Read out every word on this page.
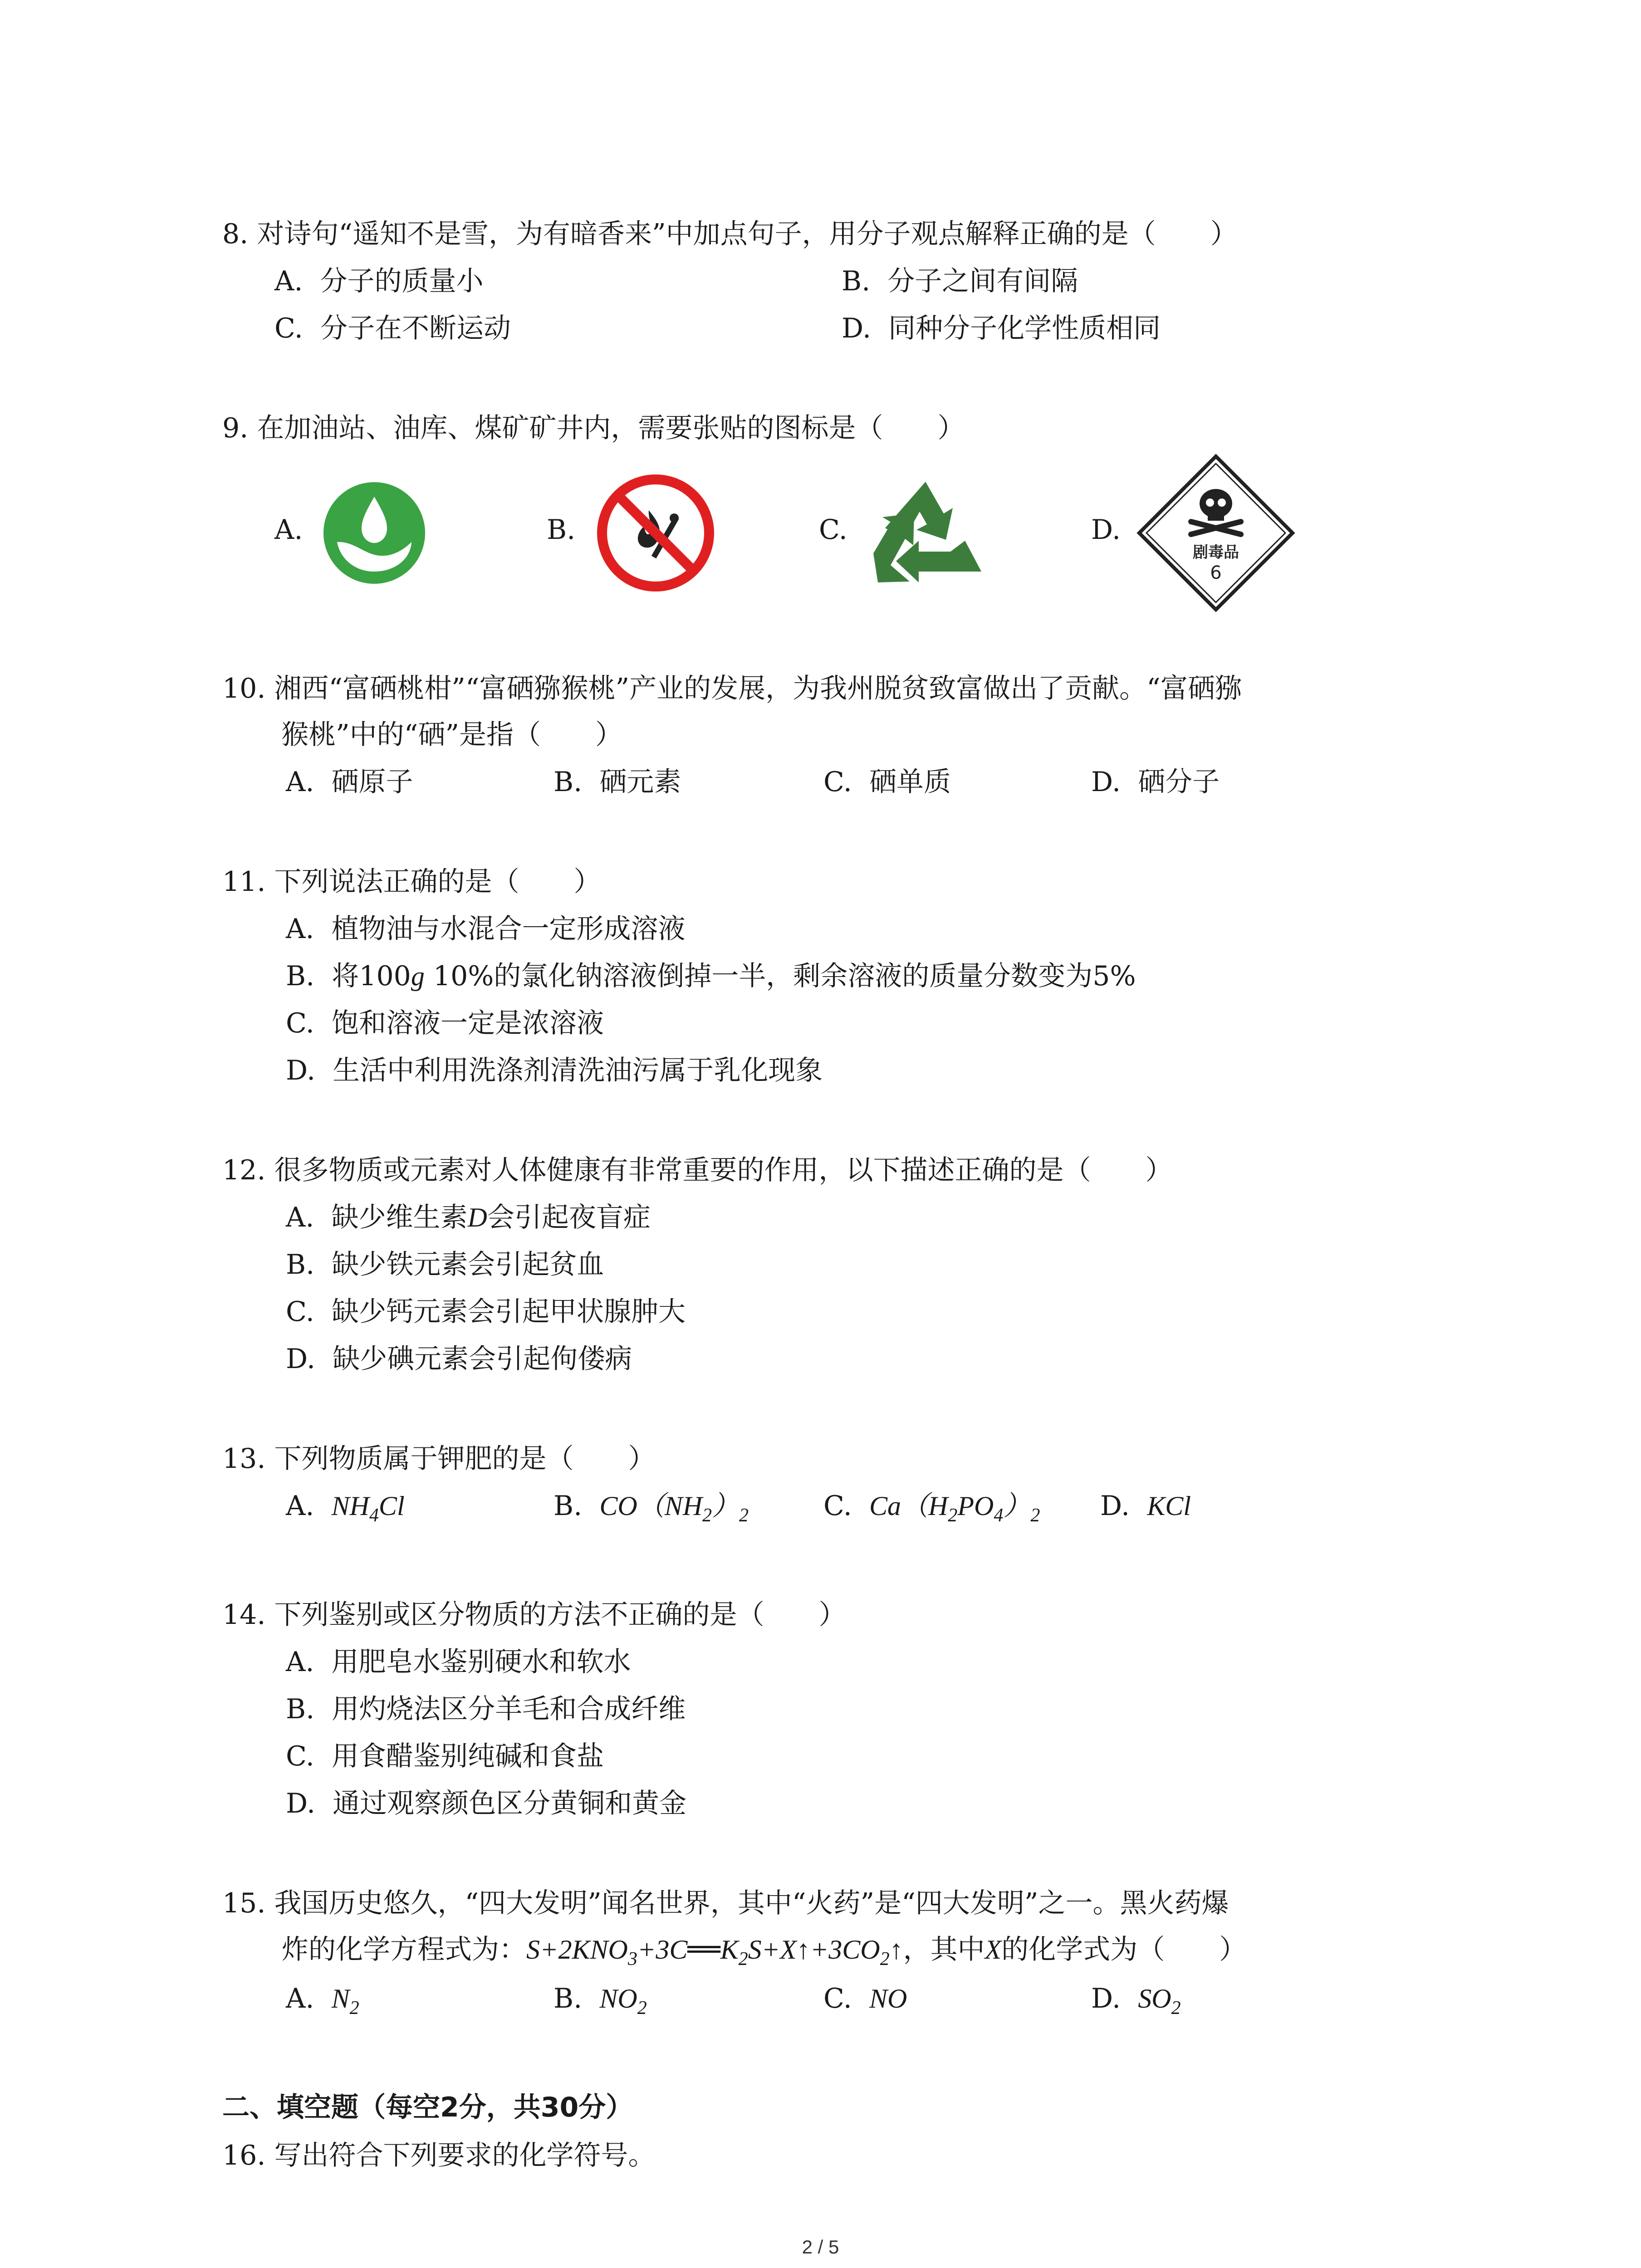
8. 对诗句“遥知不是雪，为有暗香来”中加点句子，用分子观点解释正确的是（　　）
A.  分子的质量小	B.  分子之间有间隔
C.  分子在不断运动	D.  同种分子化学性质相同
9. 在加油站、油库、煤矿矿井内，需要张贴的图标是（　　）
A.	B.	C.	D.
剧毒品
6
10. 湘西“富硒桃柑”“富硒猕猴桃”产业的发展，为我州脱贫致富做出了贡献。“富硒猕
猴桃”中的“硒”是指（　　）
A.  硒原子	B.  硒元素	C.  硒单质	D.  硒分子
11. 下列说法正确的是（　　）
A.  植物油与水混合一定形成溶液
B.  将100g 10%的氯化钠溶液倒掉一半，剩余溶液的质量分数变为5%
C.  饱和溶液一定是浓溶液
D.  生活中利用洗涤剂清洗油污属于乳化现象
12. 很多物质或元素对人体健康有非常重要的作用，以下描述正确的是（　　）
A.  缺少维生素D会引起夜盲症
B.  缺少铁元素会引起贫血
C.  缺少钙元素会引起甲状腺肿大
D.  缺少碘元素会引起佝偻病
13. 下列物质属于钾肥的是（　　）
A. $NH_4Cl$	B. $CO(NH_2)_2$	C. $Ca(H_2PO_4)_2$ D. KCl
14. 下列鉴别或区分物质的方法不正确的是（　　）
A.  用肥皂水鉴别硬水和软水
B.  用灼烧法区分羊毛和合成纤维
C.  用食醋鉴别纯碱和食盐
D.  通过观察颜色区分黄铜和黄金
15. 我国历史悠久，“四大发明”闻名世界，其中“火药”是“四大发明”之一。黑火药爆
炸的化学方程式为：$S+2KNO_3+3C══K_2S+X↑+3CO_2↑$，其中X的化学式为（　　）
A. $N_2$	B. $NO_2$	C. NO	D. $SO_2$
二、填空题（每空2分，共30分）
16. 写出符合下列要求的化学符号。
2 / 5
